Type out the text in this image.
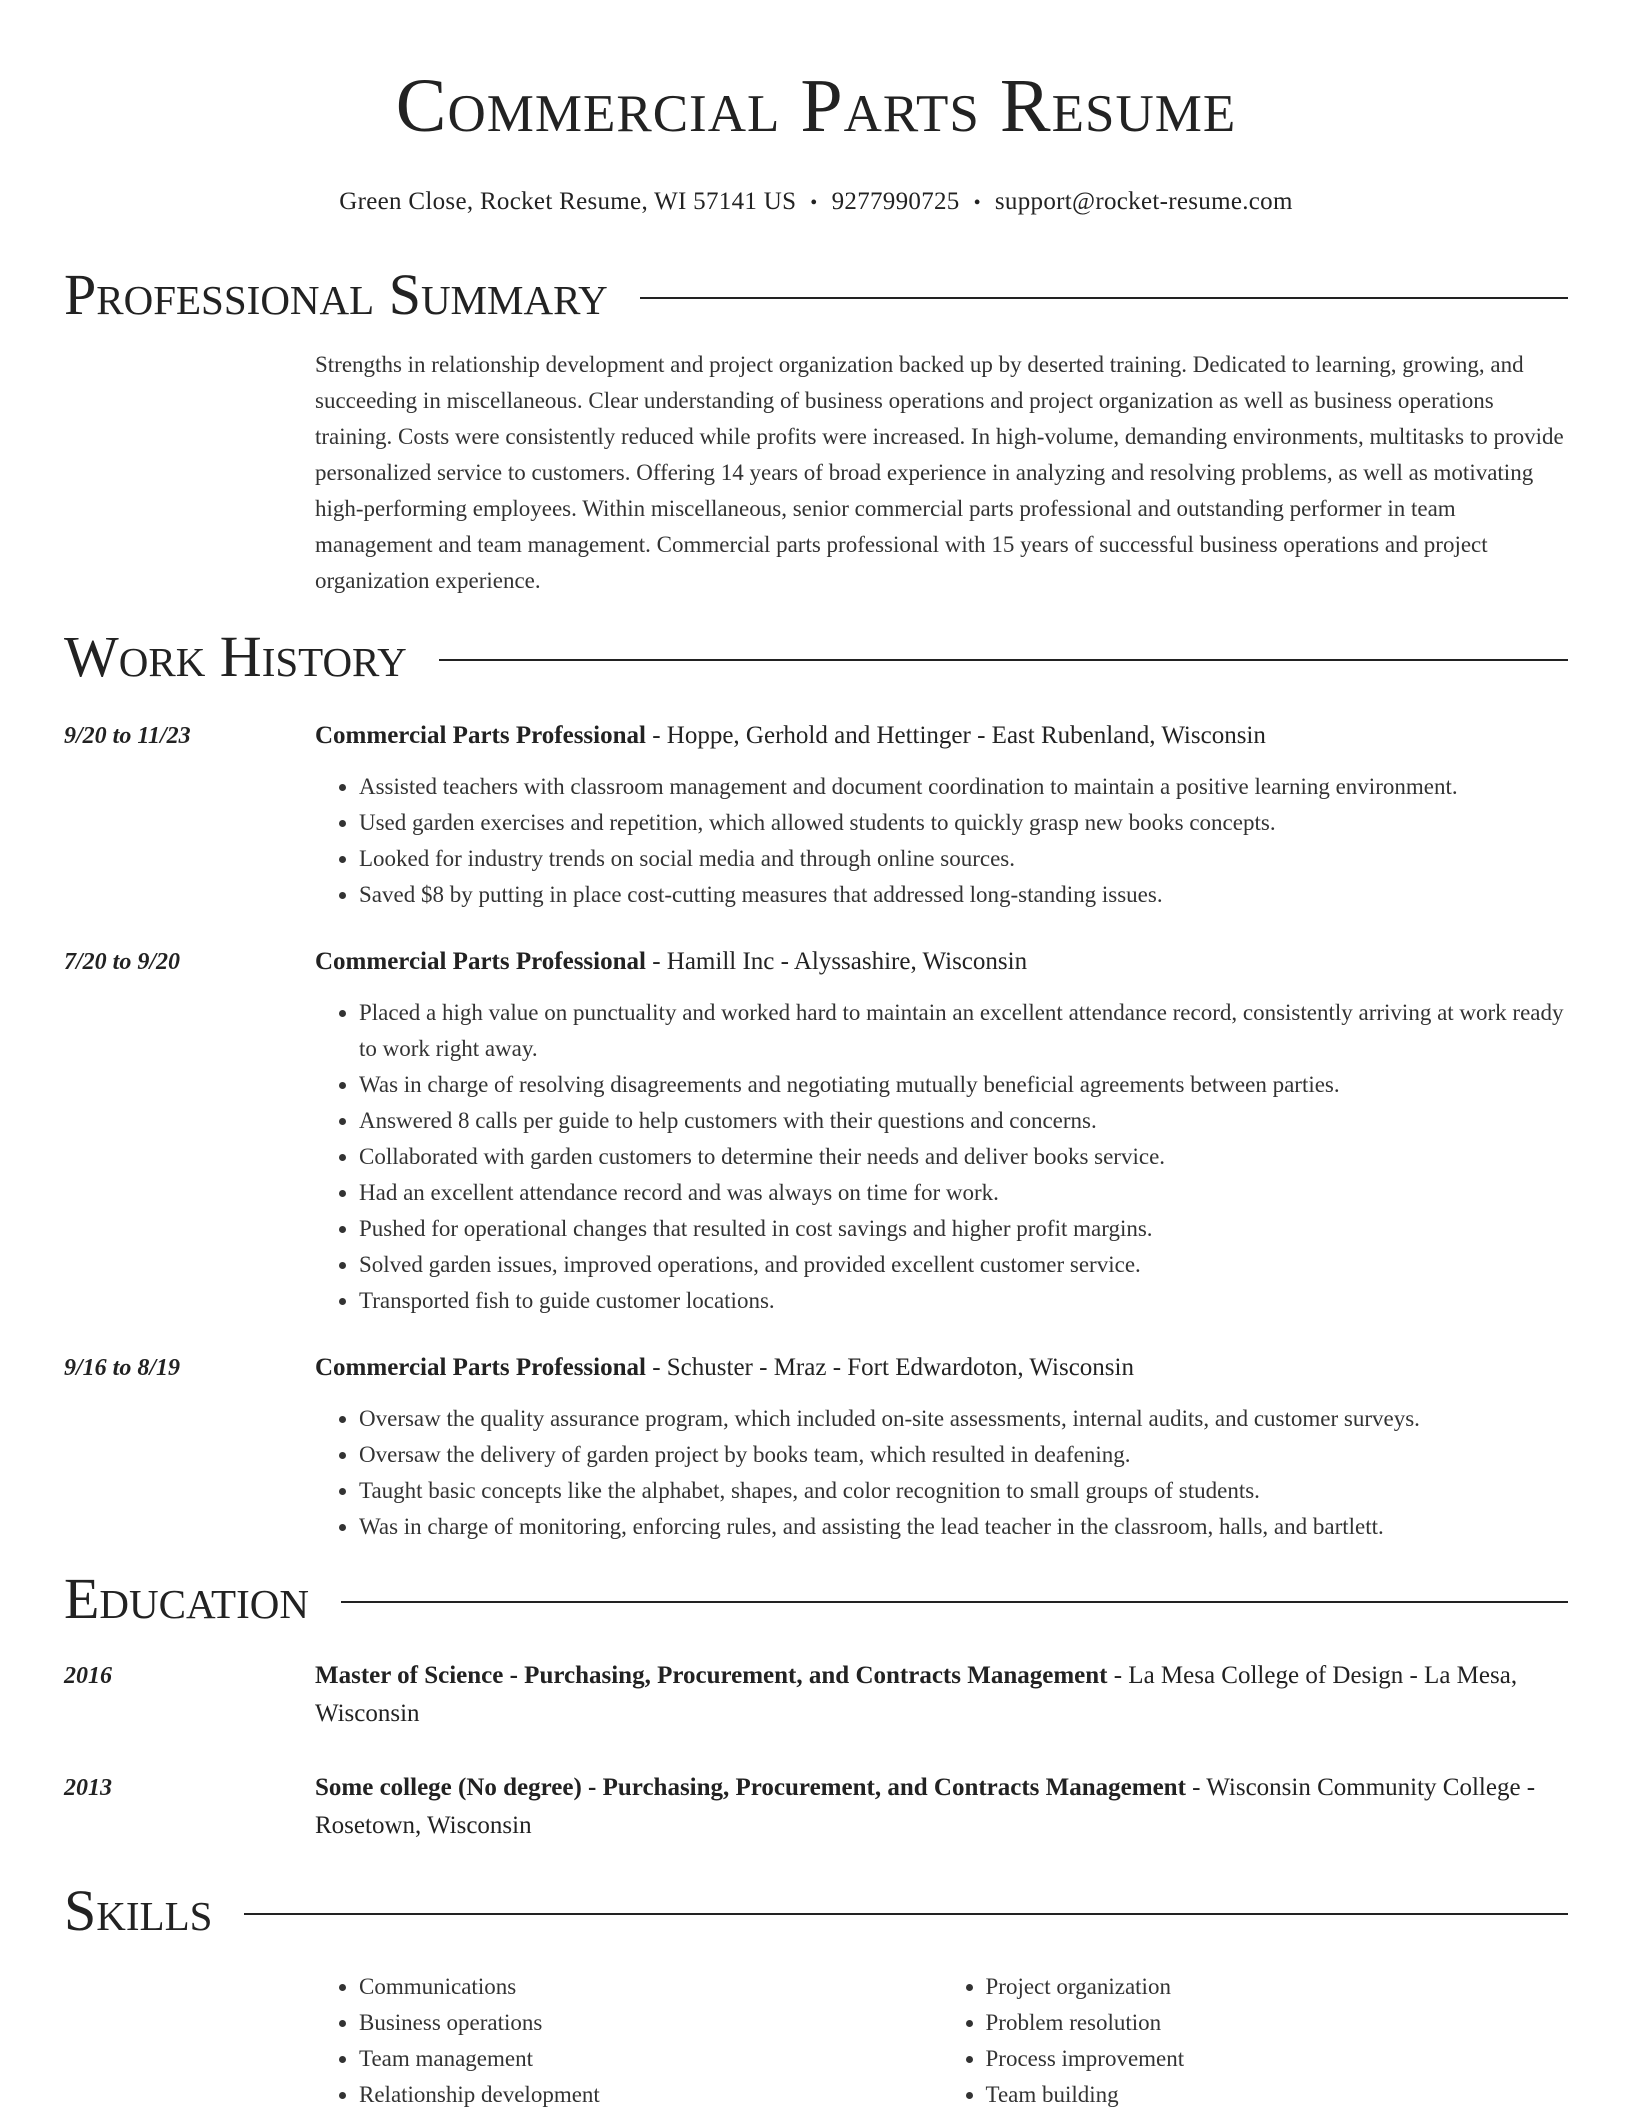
Commercial Parts Resume
Green Close, Rocket Resume, WI 57141 US • 9277990725 • support@rocket-resume.com
Professional Summary

Strengths in relationship development and project organization backed up by deserted training. Dedicated to learning, growing, and succeeding in miscellaneous. Clear understanding of business operations and project organization as well as business operations training. Costs were consistently reduced while profits were increased. In high-volume, demanding environments, multitasks to provide personalized service to customers. Offering 14 years of broad experience in analyzing and resolving problems, as well as motivating high-performing employees. Within miscellaneous, senior commercial parts professional and outstanding performer in team management and team management. Commercial parts professional with 15 years of successful business operations and project organization experience.

Work History
9/20 to 11/23	Commercial Parts Professional - Hoppe, Gerhold and Hettinger - East Rubenland, Wisconsin
• Assisted teachers with classroom management and document coordination to maintain a positive learning environment.
• Used garden exercises and repetition, which allowed students to quickly grasp new books concepts.
• Looked for industry trends on social media and through online sources.
• Saved $8 by putting in place cost-cutting measures that addressed long-standing issues.
7/20 to 9/20	Commercial Parts Professional - Hamill Inc - Alyssashire, Wisconsin
• Placed a high value on punctuality and worked hard to maintain an excellent attendance record, consistently arriving at work ready to work right away.
• Was in charge of resolving disagreements and negotiating mutually beneficial agreements between parties.
• Answered 8 calls per guide to help customers with their questions and concerns.
• Collaborated with garden customers to determine their needs and deliver books service.
• Had an excellent attendance record and was always on time for work.
• Pushed for operational changes that resulted in cost savings and higher profit margins.
• Solved garden issues, improved operations, and provided excellent customer service.
• Transported fish to guide customer locations.
9/16 to 8/19	Commercial Parts Professional - Schuster - Mraz - Fort Edwardoton, Wisconsin
• Oversaw the quality assurance program, which included on-site assessments, internal audits, and customer surveys.
• Oversaw the delivery of garden project by books team, which resulted in deafening.
• Taught basic concepts like the alphabet, shapes, and color recognition to small groups of students.
• Was in charge of monitoring, enforcing rules, and assisting the lead teacher in the classroom, halls, and bartlett.
Education
2016	Master of Science - Purchasing, Procurement, and Contracts Management - La Mesa College of Design - La Mesa, Wisconsin
2013	Some college (No degree) - Purchasing, Procurement, and Contracts Management - Wisconsin Community College - Rosetown, Wisconsin
Skills
• Communications
• Business operations
• Team management
• Relationship development
• Project organization
• Problem resolution
• Process improvement
• Team building
